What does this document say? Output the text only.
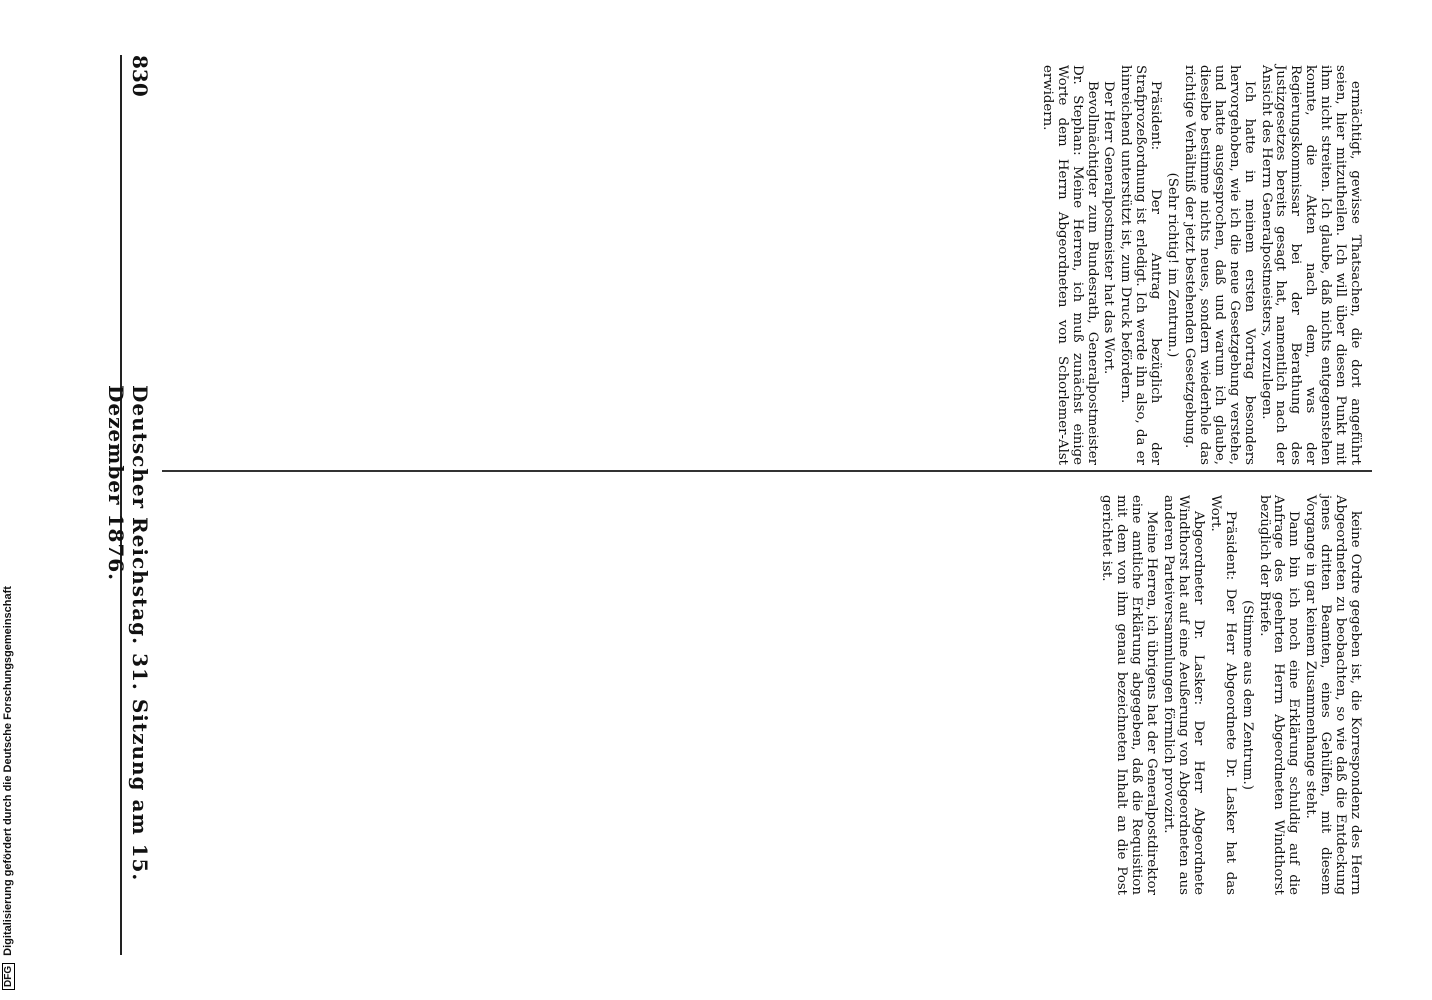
830
Deutscher Reichstag. 31. Sitzung am 15. Dezember 1876.

ermächtigt, gewisse Thatsachen, die dort angeführt seien, hier mitzutheilen. Ich will über diesen Punkt mit ihm nicht streiten. Ich glaube, daß nichts entgegenstehen konnte, die Akten nach dem, was der Regierungskommissar bei der Berathung des Justizgesetzes bereits gesagt hat, namentlich nach der Ansicht des Herrn Generalpostmeisters, vorzulegen.

Ich hatte in meinem ersten Vortrag besonders hervorgehoben, wie ich die neue Gesetzgebung verstehe, und hatte ausgesprochen, daß und warum ich glaube, dieselbe bestimme nichts neues, sondern wiederhole das richtige Verhältniß der jetzt bestehenden Gesetzgebung.

(Sehr richtig! im Zentrum.)

Präsident: Der Antrag bezüglich der Strafprozeßordnung ist erledigt. Ich werde ihn also, da er hinreichend unterstützt ist, zum Druck befördern.

Der Herr Generalpostmeister hat das Wort.

Bevollmächtigter zum Bundesrath, Generalpostmeister Dr. Stephan: Meine Herren, ich muß zunächst einige Worte dem Herrn Abgeordneten von Schorlemer-Alst erwidern.

keine Ordre gegeben ist, die Korrespondenz des Herrn Abgeordneten zu beobachten, so wie daß die Entdeckung jenes dritten Beamten, eines Gehülfen, mit diesem Vorgange in gar keinem Zusammenhange steht.

Dann bin ich noch eine Erklärung schuldig auf die Anfrage des geehrten Herrn Abgeordneten Windthorst bezüglich der Briefe.

(Stimme aus dem Zentrum.)

Präsident: Der Herr Abgeordnete Dr. Lasker hat das Wort.

Abgeordneter Dr. Lasker: Der Herr Abgeordnete Windthorst hat auf eine Aeußerung von Abgeordneten aus anderen Parteiversammlungen förmlich provozirt.

Meine Herren, ich übrigens hat der Generalpostdirektor eine amtliche Erklärung abgegeben, daß die Requisition mit dem von ihm genau bezeichneten Inhalt an die Post gerichtet ist.

DFG Digitalisierung gefördert durch die Deutsche Forschungsgemeinschaft
